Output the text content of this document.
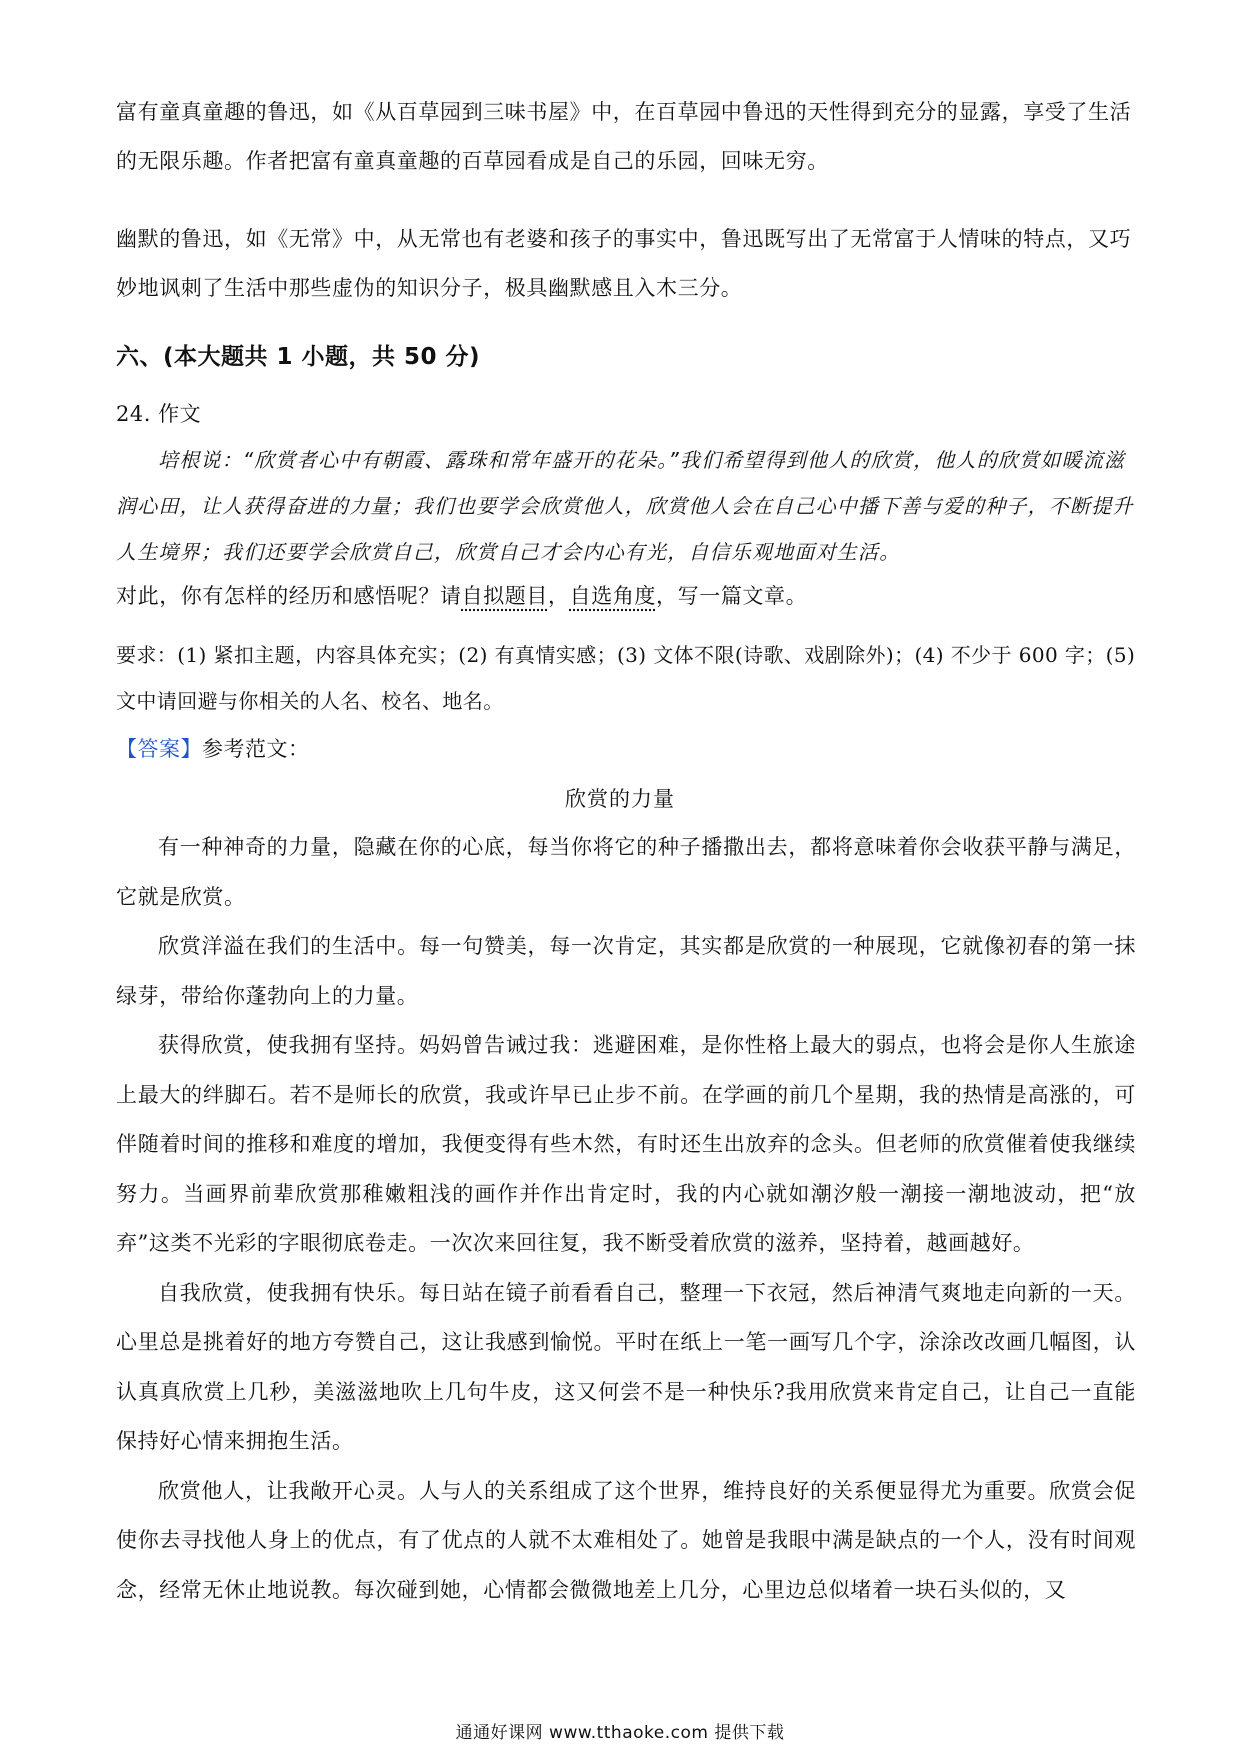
富有童真童趣的鲁迅，如《从百草园到三味书屋》中，在百草园中鲁迅的天性得到充分的显露，享受了生活的无限乐趣。作者把富有童真童趣的百草园看成是自己的乐园，回味无穷。

幽默的鲁迅，如《无常》中，从无常也有老婆和孩子的事实中，鲁迅既写出了无常富于人情味的特点，又巧妙地讽刺了生活中那些虚伪的知识分子，极具幽默感且入木三分。

六、(本大题共 1 小题，共 50 分)
24. 作文

培根说：“欣赏者心中有朝霞、露珠和常年盛开的花朵。”我们希望得到他人的欣赏，他人的欣赏如暖流滋润心田，让人获得奋进的力量；我们也要学会欣赏他人，欣赏他人会在自己心中播下善与爱的种子，不断提升人生境界；我们还要学会欣赏自己，欣赏自己才会内心有光，自信乐观地面对生活。

对此，你有怎样的经历和感悟呢？请自拟题目，自选角度，写一篇文章。
要求：(1) 紧扣主题，内容具体充实；(2) 有真情实感；(3) 文体不限(诗歌、戏剧除外)；(4) 不少于 600 字；(5) 文中请回避与你相关的人名、校名、地名。
【答案】参考范文：
欣赏的力量

有一种神奇的力量，隐藏在你的心底，每当你将它的种子播撒出去，都将意味着你会收获平静与满足，它就是欣赏。

欣赏洋溢在我们的生活中。每一句赞美，每一次肯定，其实都是欣赏的一种展现，它就像初春的第一抹绿芽，带给你蓬勃向上的力量。

获得欣赏，使我拥有坚持。妈妈曾告诫过我：逃避困难，是你性格上最大的弱点，也将会是你人生旅途上最大的绊脚石。若不是师长的欣赏，我或许早已止步不前。在学画的前几个星期，我的热情是高涨的，可伴随着时间的推移和难度的增加，我便变得有些木然，有时还生出放弃的念头。但老师的欣赏催着使我继续努力。当画界前辈欣赏那稚嫩粗浅的画作并作出肯定时，我的内心就如潮汐般一潮接一潮地波动，把“放弃”这类不光彩的字眼彻底卷走。一次次来回往复，我不断受着欣赏的滋养，坚持着，越画越好。

自我欣赏，使我拥有快乐。每日站在镜子前看看自己，整理一下衣冠，然后神清气爽地走向新的一天。心里总是挑着好的地方夸赞自己，这让我感到愉悦。平时在纸上一笔一画写几个字，涂涂改改画几幅图，认认真真欣赏上几秒，美滋滋地吹上几句牛皮，这又何尝不是一种快乐?我用欣赏来肯定自己，让自己一直能保持好心情来拥抱生活。

欣赏他人，让我敞开心灵。人与人的关系组成了这个世界，维持良好的关系便显得尤为重要。欣赏会促使你去寻找他人身上的优点，有了优点的人就不太难相处了。她曾是我眼中满是缺点的一个人，没有时间观念，经常无休止地说教。每次碰到她，心情都会微微地差上几分，心里边总似堵着一块石头似的，又

通通好课网 www.tthaoke.com 提供下载
